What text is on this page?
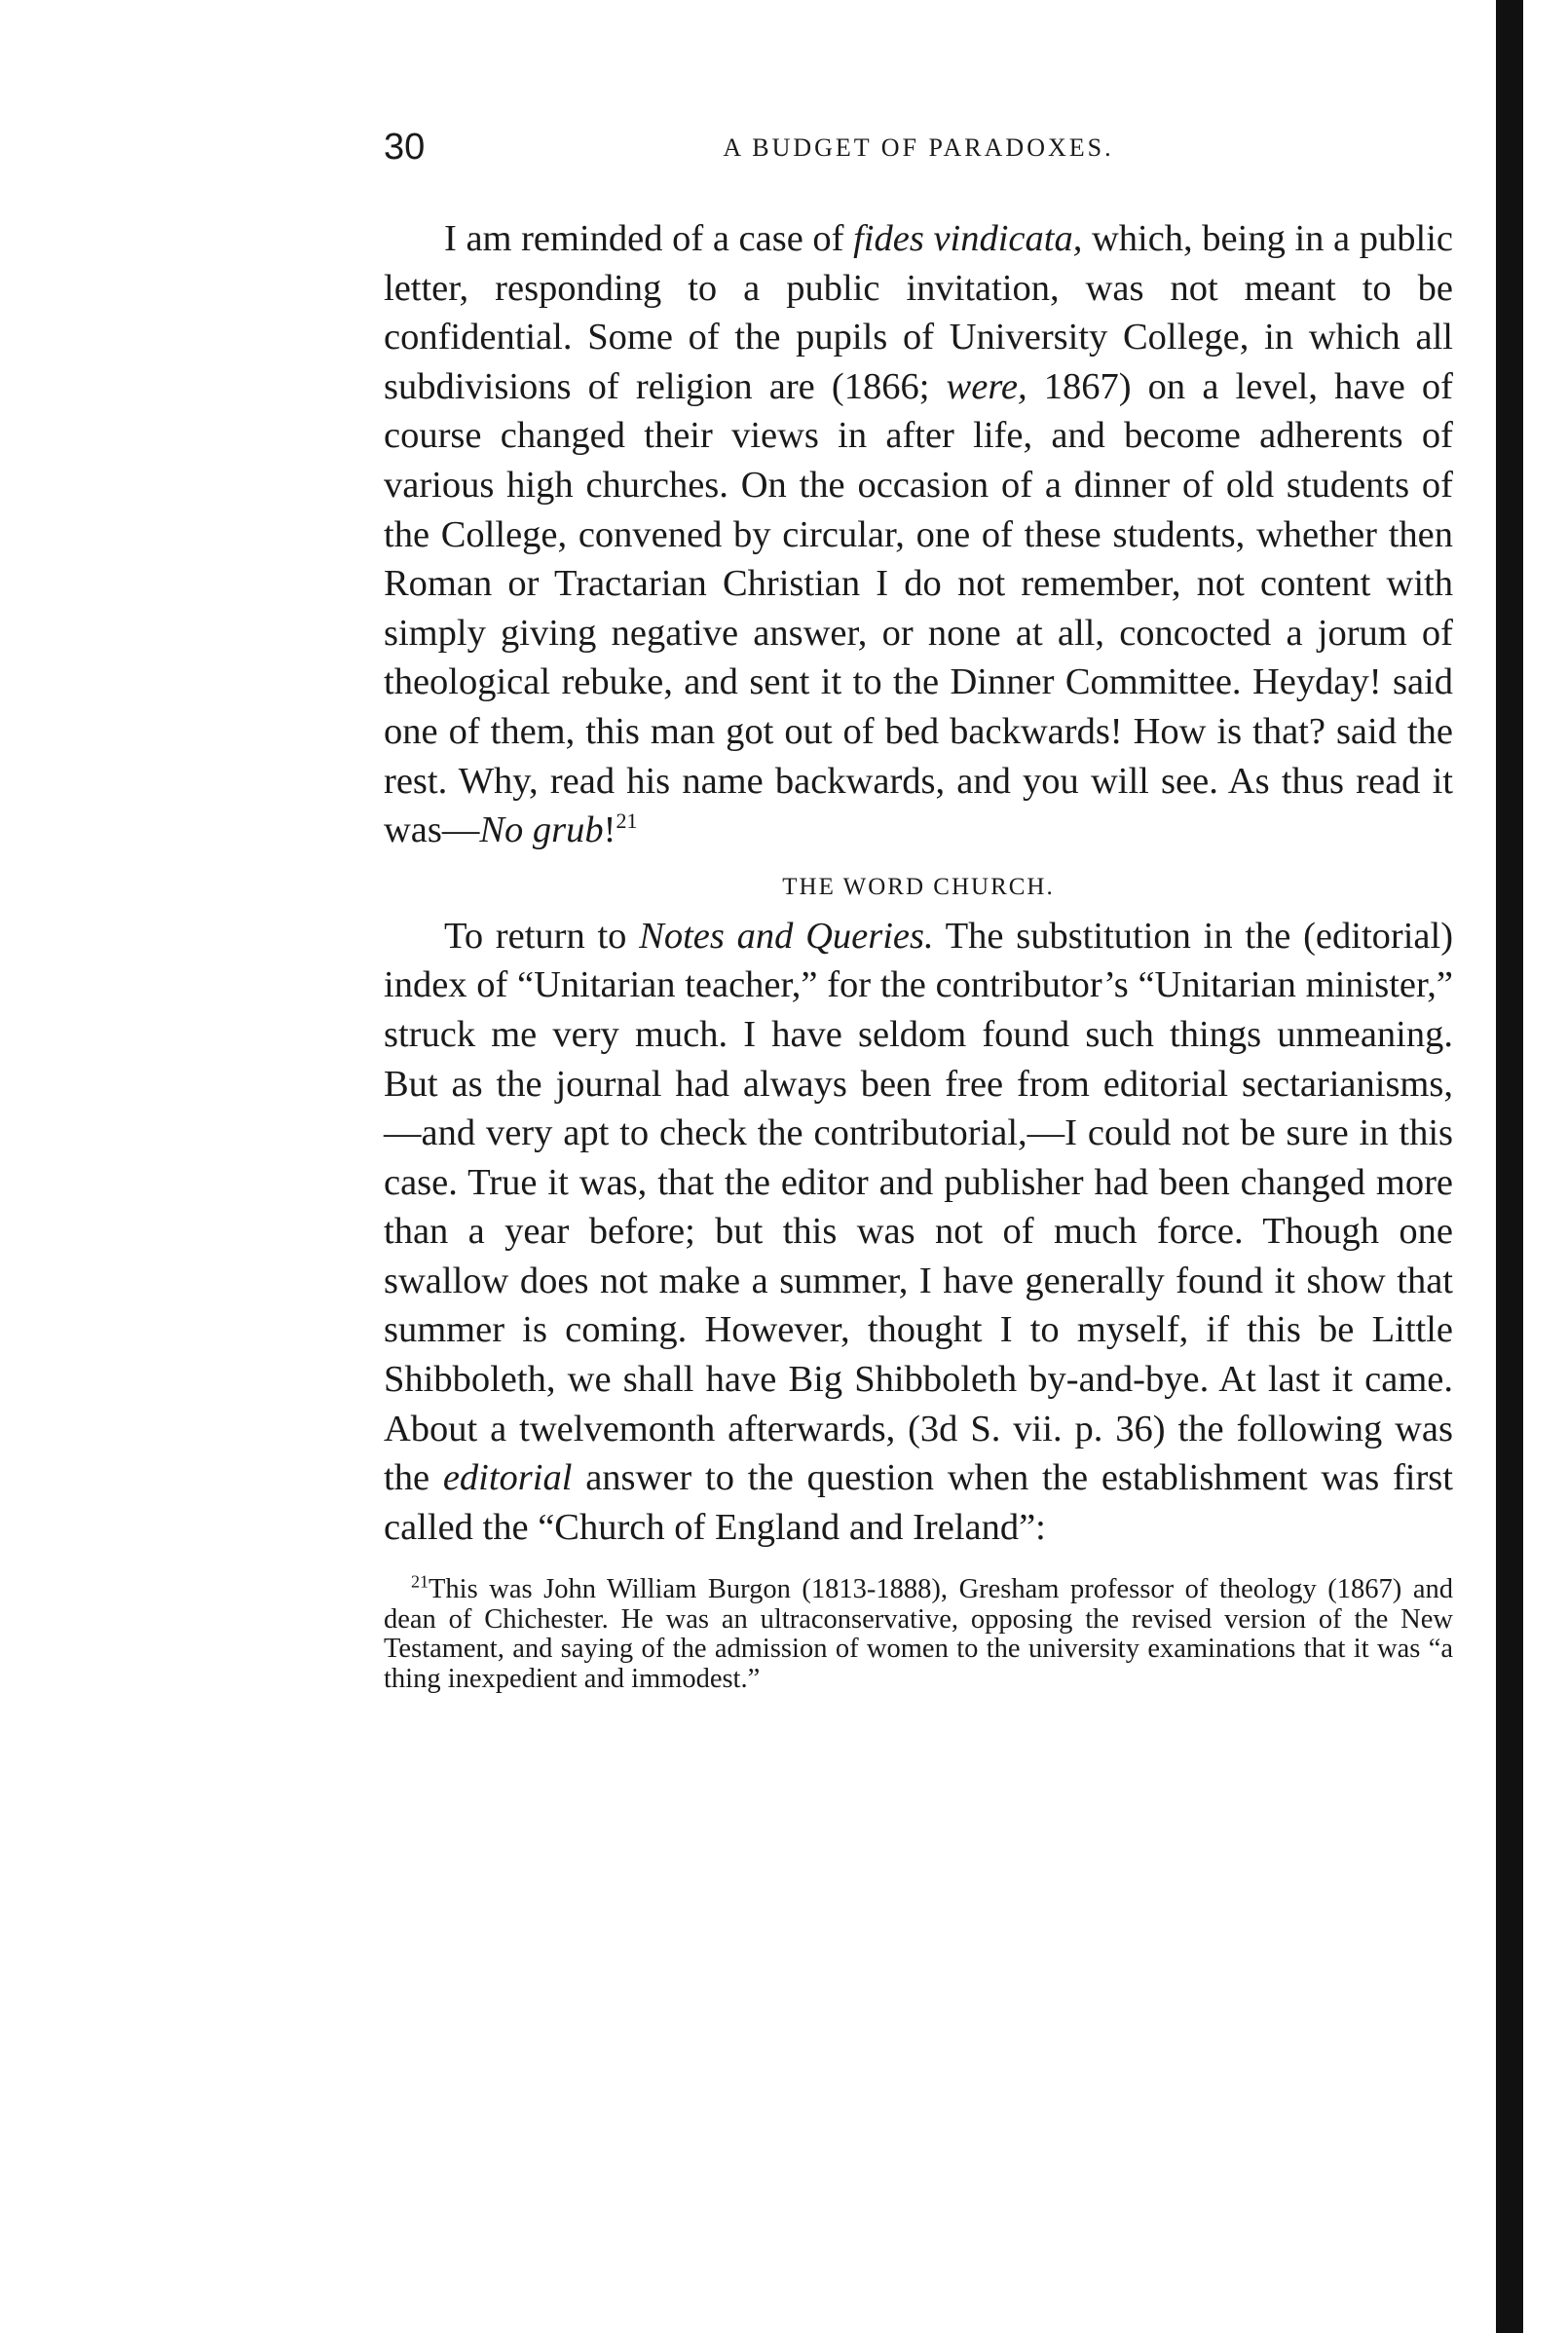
30	A BUDGET OF PARADOXES.

I am reminded of a case of fides vindicata, which, being in a public letter, responding to a public invitation, was not meant to be confidential. Some of the pupils of University College, in which all subdivisions of religion are (1866; were, 1867) on a level, have of course changed their views in after life, and become adherents of various high churches. On the occasion of a dinner of old students of the College, convened by circular, one of these students, whether then Roman or Tractarian Christian I do not remember, not content with simply giving negative answer, or none at all, concocted a jorum of theological rebuke, and sent it to the Dinner Committee. Heyday! said one of them, this man got out of bed backwards! How is that? said the rest. Why, read his name backwards, and you will see. As thus read it was—No grub!$^{21}$

THE WORD CHURCH.

To return to Notes and Queries. The substitution in the (editorial) index of “Unitarian teacher,” for the contributor’s “Unitarian minister,” struck me very much. I have seldom found such things unmeaning. But as the journal had always been free from editorial sectarianisms, —and very apt to check the contributorial,—I could not be sure in this case. True it was, that the editor and publisher had been changed more than a year before; but this was not of much force. Though one swallow does not make a summer, I have generally found it show that summer is coming. However, thought I to myself, if this be Little Shibboleth, we shall have Big Shibboleth by-and-bye. At last it came. About a twelvemonth afterwards, (3d S. vii. p. 36) the following was the editorial answer to the question when the establishment was first called the “Church of England and Ireland”:

$^{21}$This was John William Burgon (1813-1888), Gresham professor of theology (1867) and dean of Chichester. He was an ultraconservative, opposing the revised version of the New Testament, and saying of the admission of women to the university examinations that it was “a thing inexpedient and immodest.”
